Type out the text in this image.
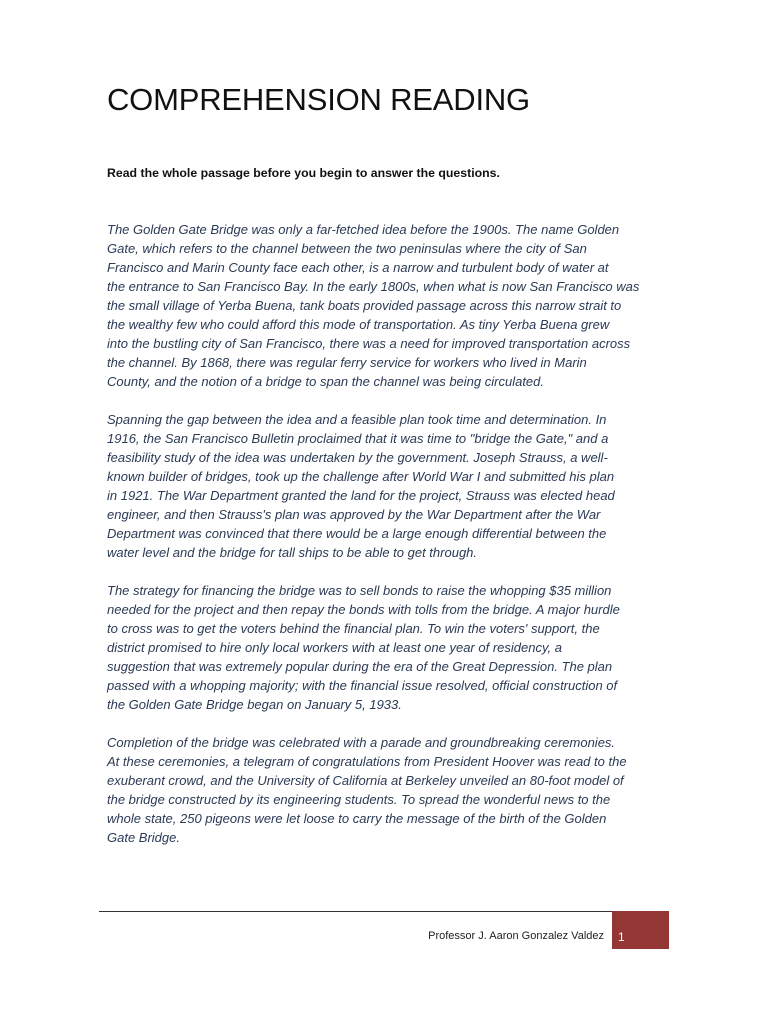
COMPREHENSION READING

Read the whole passage before you begin to answer the questions.

The Golden Gate Bridge was only a far-fetched idea before the 1900s. The name Golden
Gate, which refers to the channel between the two peninsulas where the city of San
Francisco and Marin County face each other, is a narrow and turbulent body of water at
the entrance to San Francisco Bay. In the early 1800s, when what is now San Francisco was
the small village of Yerba Buena, tank boats provided passage across this narrow strait to
the wealthy few who could afford this mode of transportation. As tiny Yerba Buena grew
into the bustling city of San Francisco, there was a need for improved transportation across
the channel. By 1868, there was regular ferry service for workers who lived in Marin
County, and the notion of a bridge to span the channel was being circulated.

Spanning the gap between the idea and a feasible plan took time and determination. In
1916, the San Francisco Bulletin proclaimed that it was time to "bridge the Gate," and a
feasibility study of the idea was undertaken by the government. Joseph Strauss, a well-
known builder of bridges, took up the challenge after World War I and submitted his plan
in 1921. The War Department granted the land for the project, Strauss was elected head
engineer, and then Strauss's plan was approved by the War Department after the War
Department was convinced that there would be a large enough differential between the
water level and the bridge for tall ships to be able to get through.

The strategy for financing the bridge was to sell bonds to raise the whopping $35 million
needed for the project and then repay the bonds with tolls from the bridge. A major hurdle
to cross was to get the voters behind the financial plan. To win the voters' support, the
district promised to hire only local workers with at least one year of residency, a
suggestion that was extremely popular during the era of the Great Depression. The plan
passed with a whopping majority; with the financial issue resolved, official construction of
the Golden Gate Bridge began on January 5, 1933.

Completion of the bridge was celebrated with a parade and groundbreaking ceremonies.
At these ceremonies, a telegram of congratulations from President Hoover was read to the
exuberant crowd, and the University of California at Berkeley unveiled an 80-foot model of
the bridge constructed by its engineering students. To spread the wonderful news to the
whole state, 250 pigeons were let loose to carry the message of the birth of the Golden
Gate Bridge.

Professor J. Aaron Gonzalez Valdez 1
